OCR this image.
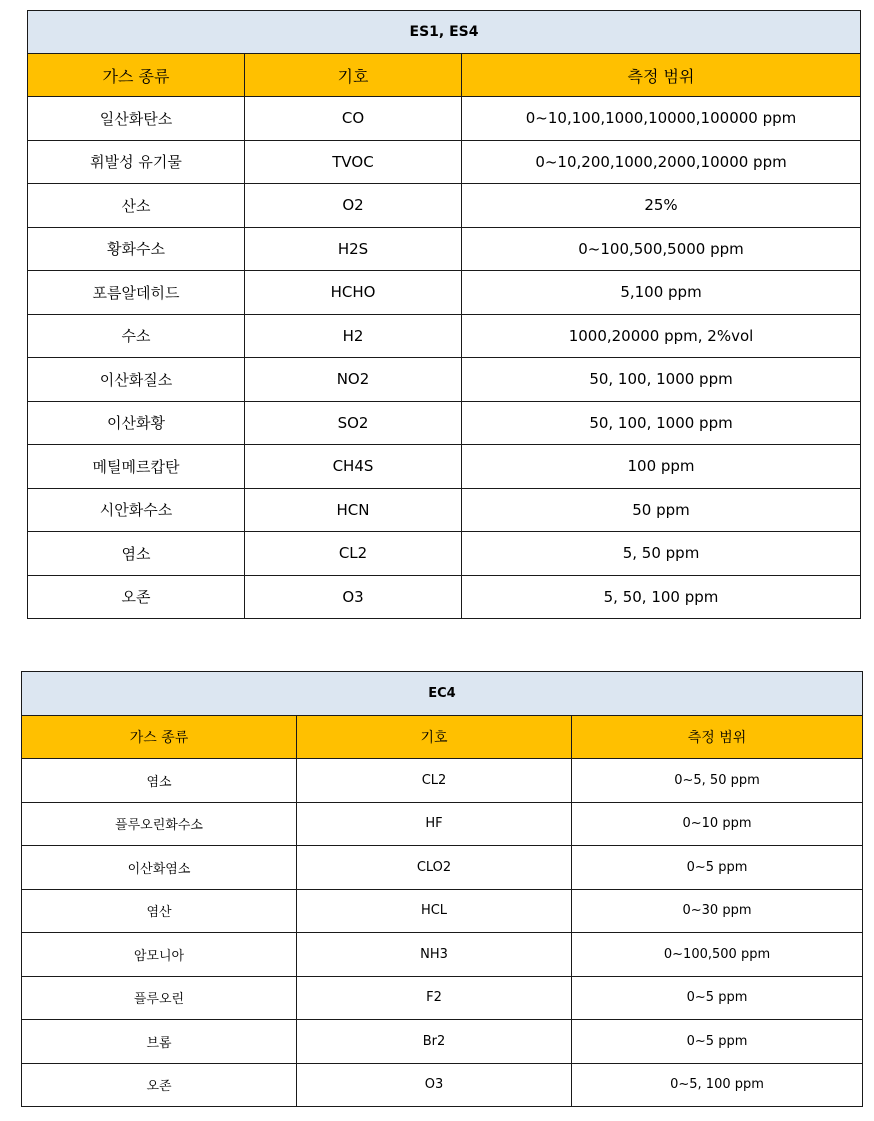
ES1, ES4		
가스 종류	기호	측정 범위
일산화탄소	CO	0~10,100,1000,10000,100000 ppm
휘발성 유기물	TVOC	0~10,200,1000,2000,10000 ppm
산소	O2	25%
황화수소	H2S	0~100,500,5000 ppm
포름알데히드	HCHO	5,100 ppm
수소	H2	1000,20000 ppm, 2%vol
이산화질소	NO2	50, 100, 1000 ppm
이산화황	SO2	50, 100, 1000 ppm
메틸메르캅탄	CH4S	100 ppm
시안화수소	HCN	50 ppm
염소	CL2	5, 50 ppm
오존	O3	5, 50, 100 ppm
EC4		
가스 종류	기호	측정 범위
염소	CL2	0~5, 50 ppm
플루오린화수소	HF	0~10 ppm
이산화염소	CLO2	0~5 ppm
염산	HCL	0~30 ppm
암모니아	NH3	0~100,500 ppm
플루오린	F2	0~5 ppm
브롬	Br2	0~5 ppm
오존	O3	0~5, 100 ppm
